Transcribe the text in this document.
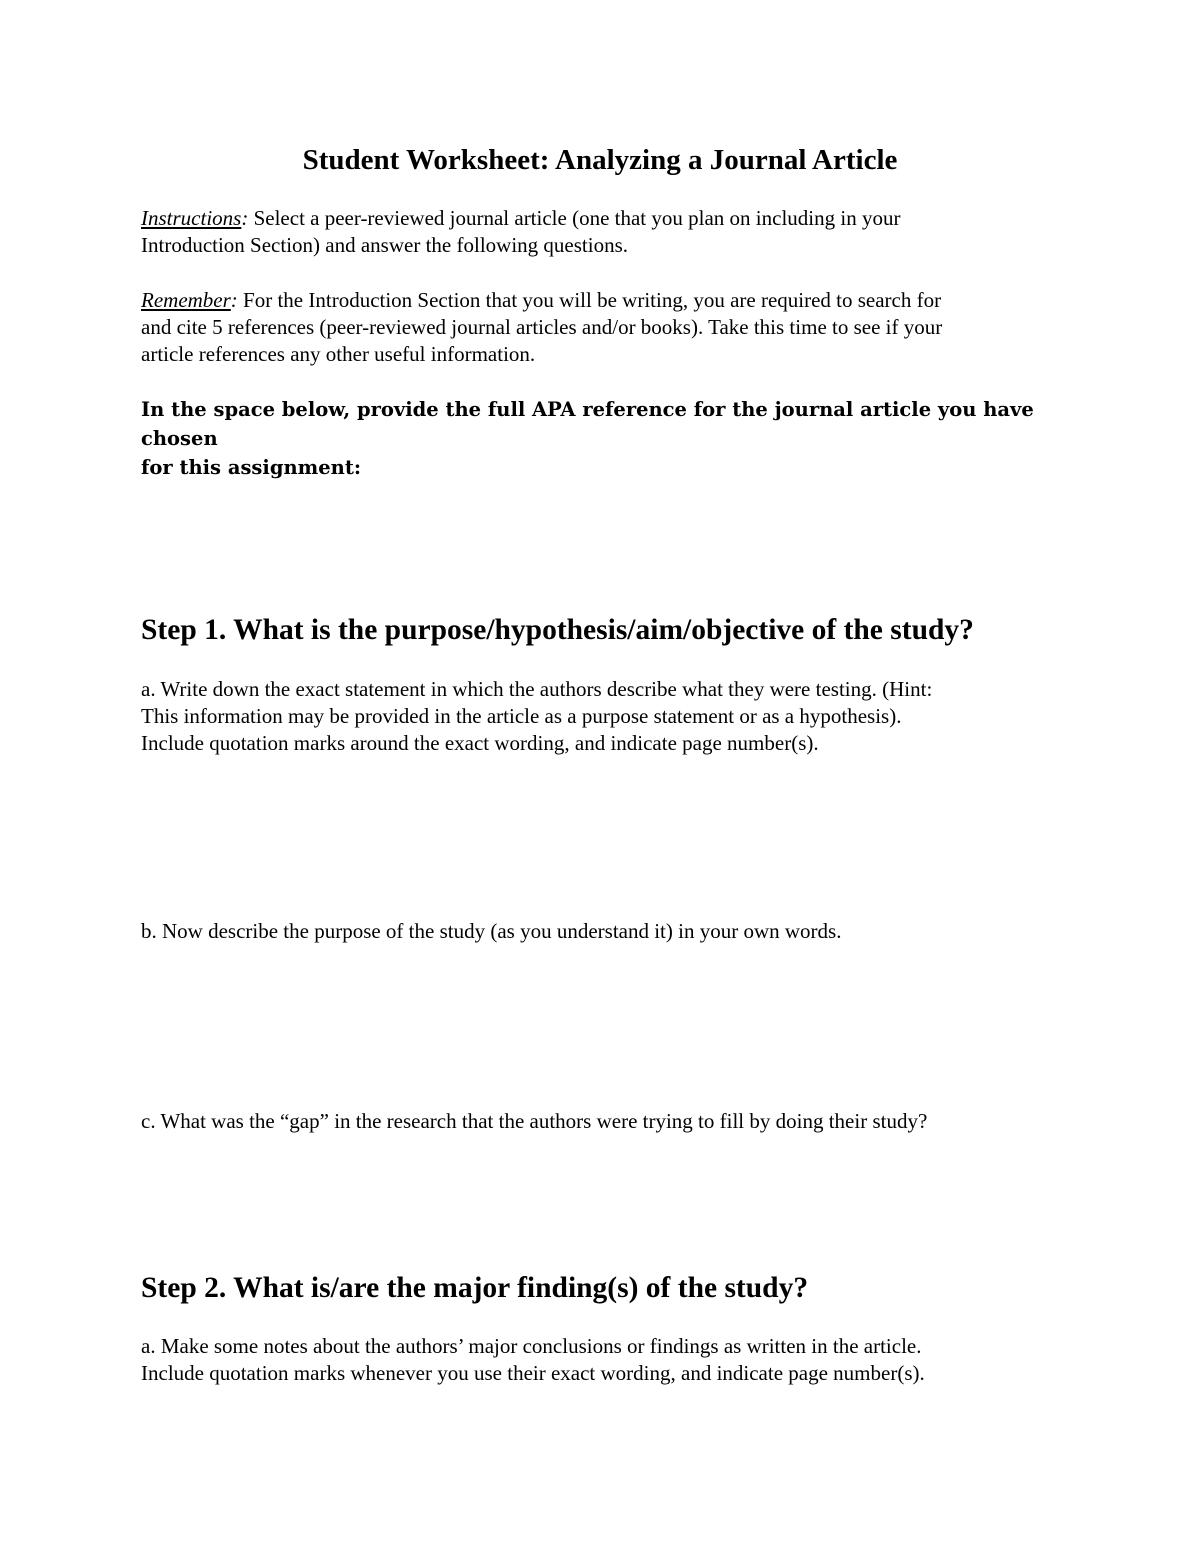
Student Worksheet: Analyzing a Journal Article

Instructions: Select a peer-reviewed journal article (one that you plan on including in your
Introduction Section) and answer the following questions.

Remember: For the Introduction Section that you will be writing, you are required to search for
and cite 5 references (peer-reviewed journal articles and/or books). Take this time to see if your
article references any other useful information.

In the space below, provide the full APA reference for the journal article you have chosen
for this assignment:

Step 1. What is the purpose/hypothesis/aim/objective of the study?

a. Write down the exact statement in which the authors describe what they were testing. (Hint:
This information may be provided in the article as a purpose statement or as a hypothesis).
Include quotation marks around the exact wording, and indicate page number(s).

b. Now describe the purpose of the study (as you understand it) in your own words.

c. What was the “gap” in the research that the authors were trying to fill by doing their study?

Step 2. What is/are the major finding(s) of the study?

a. Make some notes about the authors’ major conclusions or findings as written in the article.
Include quotation marks whenever you use their exact wording, and indicate page number(s).
